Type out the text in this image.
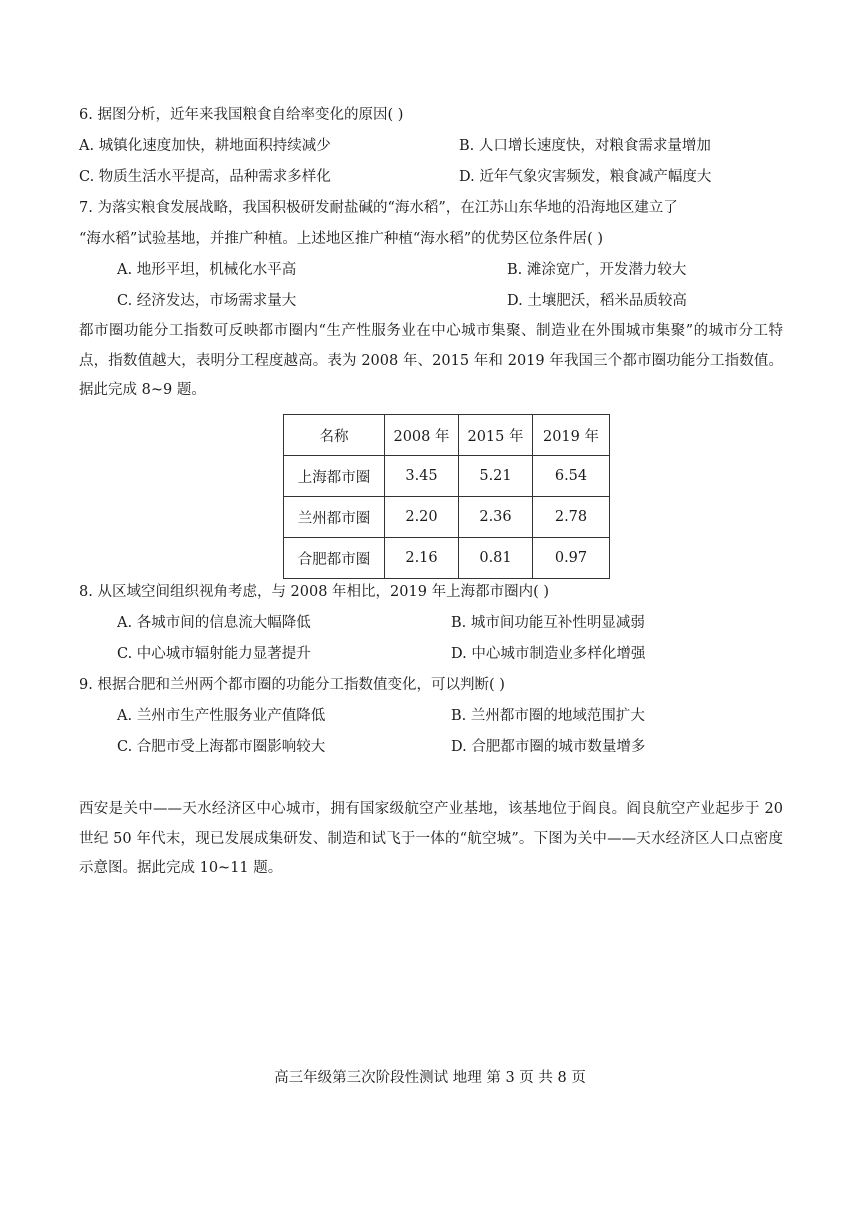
6. 据图分析，近年来我国粮食自给率变化的原因( )
A. 城镇化速度加快，耕地面积持续减少	B. 人口增长速度快，对粮食需求量增加
C. 物质生活水平提高，品种需求多样化	D. 近年气象灾害频发，粮食减产幅度大
7. 为落实粮食发展战略，我国积极研发耐盐碱的“海水稻”，在江苏山东华地的沿海地区建立了
“海水稻”试验基地，并推广种植。上述地区推广种植“海水稻”的优势区位条件居( )
A. 地形平坦，机械化水平高	B. 滩涂宽广，开发潜力较大
C. 经济发达，市场需求量大	D. 土壤肥沃，稻米品质较高
都市圈功能分工指数可反映都市圈内“生产性服务业在中心城市集聚、制造业在外围城市集聚”的城市分工特点，指数值越大，表明分工程度越高。表为 2008 年、2015 年和 2019 年我国三个都市圈功能分工指数值。据此完成 8~9 题。
名称	2008 年	2015 年	2019 年
上海都市圈	3.45	5.21	6.54
兰州都市圈	2.20	2.36	2.78
合肥都市圈	2.16	0.81	0.97
8. 从区域空间组织视角考虑，与 2008 年相比，2019 年上海都市圈内( )
A. 各城市间的信息流大幅降低	B. 城市间功能互补性明显减弱
C. 中心城市辐射能力显著提升	D. 中心城市制造业多样化增强
9. 根据合肥和兰州两个都市圈的功能分工指数值变化，可以判断( )
A. 兰州市生产性服务业产值降低	B. 兰州都市圈的地域范围扩大
C. 合肥市受上海都市圈影响较大	D. 合肥都市圈的城市数量增多
西安是关中——天水经济区中心城市，拥有国家级航空产业基地，该基地位于阎良。阎良航空产业起步于 20 世纪 50 年代末，现已发展成集研发、制造和试飞于一体的“航空城”。下图为关中——天水经济区人口点密度示意图。据此完成 10~11 题。
高三年级第三次阶段性测试 地理 第 3 页 共 8 页
